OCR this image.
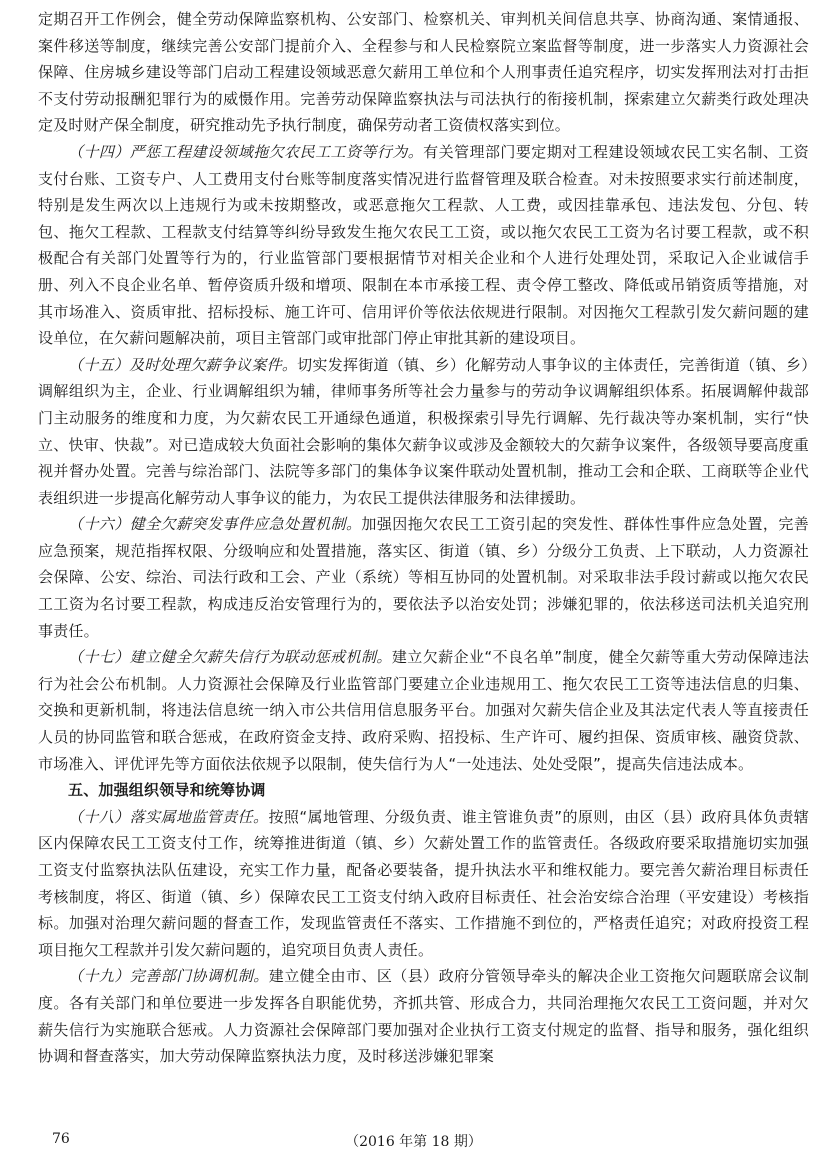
定期召开工作例会，健全劳动保障监察机构、公安部门、检察机关、审判机关间信息共享、协商沟通、案情通报、案件移送等制度，继续完善公安部门提前介入、全程参与和人民检察院立案监督等制度，进一步落实人力资源社会保障、住房城乡建设等部门启动工程建设领域恶意欠薪用工单位和个人刑事责任追究程序，切实发挥刑法对打击拒不支付劳动报酬犯罪行为的威慑作用。完善劳动保障监察执法与司法执行的衔接机制，探索建立欠薪类行政处理决定及时财产保全制度，研究推动先予执行制度，确保劳动者工资债权落实到位。

（十四）严惩工程建设领域拖欠农民工工资等行为。有关管理部门要定期对工程建设领域农民工实名制、工资支付台账、工资专户、人工费用支付台账等制度落实情况进行监督管理及联合检查。对未按照要求实行前述制度，特别是发生两次以上违规行为或未按期整改，或恶意拖欠工程款、人工费，或因挂靠承包、违法发包、分包、转包、拖欠工程款、工程款支付结算等纠纷导致发生拖欠农民工工资，或以拖欠农民工工资为名讨要工程款，或不积极配合有关部门处置等行为的，行业监管部门要根据情节对相关企业和个人进行处理处罚，采取记入企业诚信手册、列入不良企业名单、暂停资质升级和增项、限制在本市承接工程、责令停工整改、降低或吊销资质等措施，对其市场准入、资质审批、招标投标、施工许可、信用评价等依法依规进行限制。对因拖欠工程款引发欠薪问题的建设单位，在欠薪问题解决前，项目主管部门或审批部门停止审批其新的建设项目。

（十五）及时处理欠薪争议案件。切实发挥街道（镇、乡）化解劳动人事争议的主体责任，完善街道（镇、乡）调解组织为主，企业、行业调解组织为辅，律师事务所等社会力量参与的劳动争议调解组织体系。拓展调解仲裁部门主动服务的维度和力度，为欠薪农民工开通绿色通道，积极探索引导先行调解、先行裁决等办案机制，实行“快立、快审、快裁”。对已造成较大负面社会影响的集体欠薪争议或涉及金额较大的欠薪争议案件，各级领导要高度重视并督办处置。完善与综治部门、法院等多部门的集体争议案件联动处置机制，推动工会和企联、工商联等企业代表组织进一步提高化解劳动人事争议的能力，为农民工提供法律服务和法律援助。

（十六）健全欠薪突发事件应急处置机制。加强因拖欠农民工工资引起的突发性、群体性事件应急处置，完善应急预案，规范指挥权限、分级响应和处置措施，落实区、街道（镇、乡）分级分工负责、上下联动，人力资源社会保障、公安、综治、司法行政和工会、产业（系统）等相互协同的处置机制。对采取非法手段讨薪或以拖欠农民工工资为名讨要工程款，构成违反治安管理行为的，要依法予以治安处罚；涉嫌犯罪的，依法移送司法机关追究刑事责任。

（十七）建立健全欠薪失信行为联动惩戒机制。建立欠薪企业“不良名单”制度，健全欠薪等重大劳动保障违法行为社会公布机制。人力资源社会保障及行业监管部门要建立企业违规用工、拖欠农民工工资等违法信息的归集、交换和更新机制，将违法信息统一纳入市公共信用信息服务平台。加强对欠薪失信企业及其法定代表人等直接责任人员的协同监管和联合惩戒，在政府资金支持、政府采购、招投标、生产许可、履约担保、资质审核、融资贷款、市场准入、评优评先等方面依法依规予以限制，使失信行为人“一处违法、处处受限”，提高失信违法成本。

五、加强组织领导和统筹协调

（十八）落实属地监管责任。按照“属地管理、分级负责、谁主管谁负责”的原则，由区（县）政府具体负责辖区内保障农民工工资支付工作，统筹推进街道（镇、乡）欠薪处置工作的监管责任。各级政府要采取措施切实加强工资支付监察执法队伍建设，充实工作力量，配备必要装备，提升执法水平和维权能力。要完善欠薪治理目标责任考核制度，将区、街道（镇、乡）保障农民工工资支付纳入政府目标责任、社会治安综合治理（平安建设）考核指标。加强对治理欠薪问题的督查工作，发现监管责任不落实、工作措施不到位的，严格责任追究；对政府投资工程项目拖欠工程款并引发欠薪问题的，追究项目负责人责任。

（十九）完善部门协调机制。建立健全由市、区（县）政府分管领导牵头的解决企业工资拖欠问题联席会议制度。各有关部门和单位要进一步发挥各自职能优势，齐抓共管、形成合力，共同治理拖欠农民工工资问题，并对欠薪失信行为实施联合惩戒。人力资源社会保障部门要加强对企业执行工资支付规定的监督、指导和服务，强化组织协调和督查落实，加大劳动保障监察执法力度，及时移送涉嫌犯罪案

76	（2016 年第 18 期）
